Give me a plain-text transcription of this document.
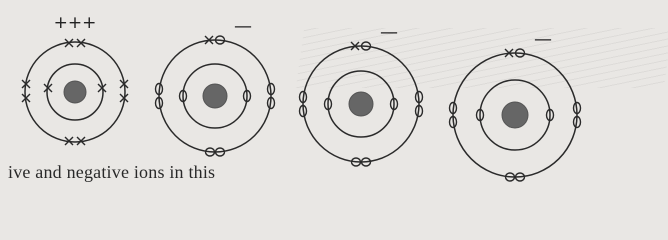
+++	—	—	—
ive and negative ions in this
